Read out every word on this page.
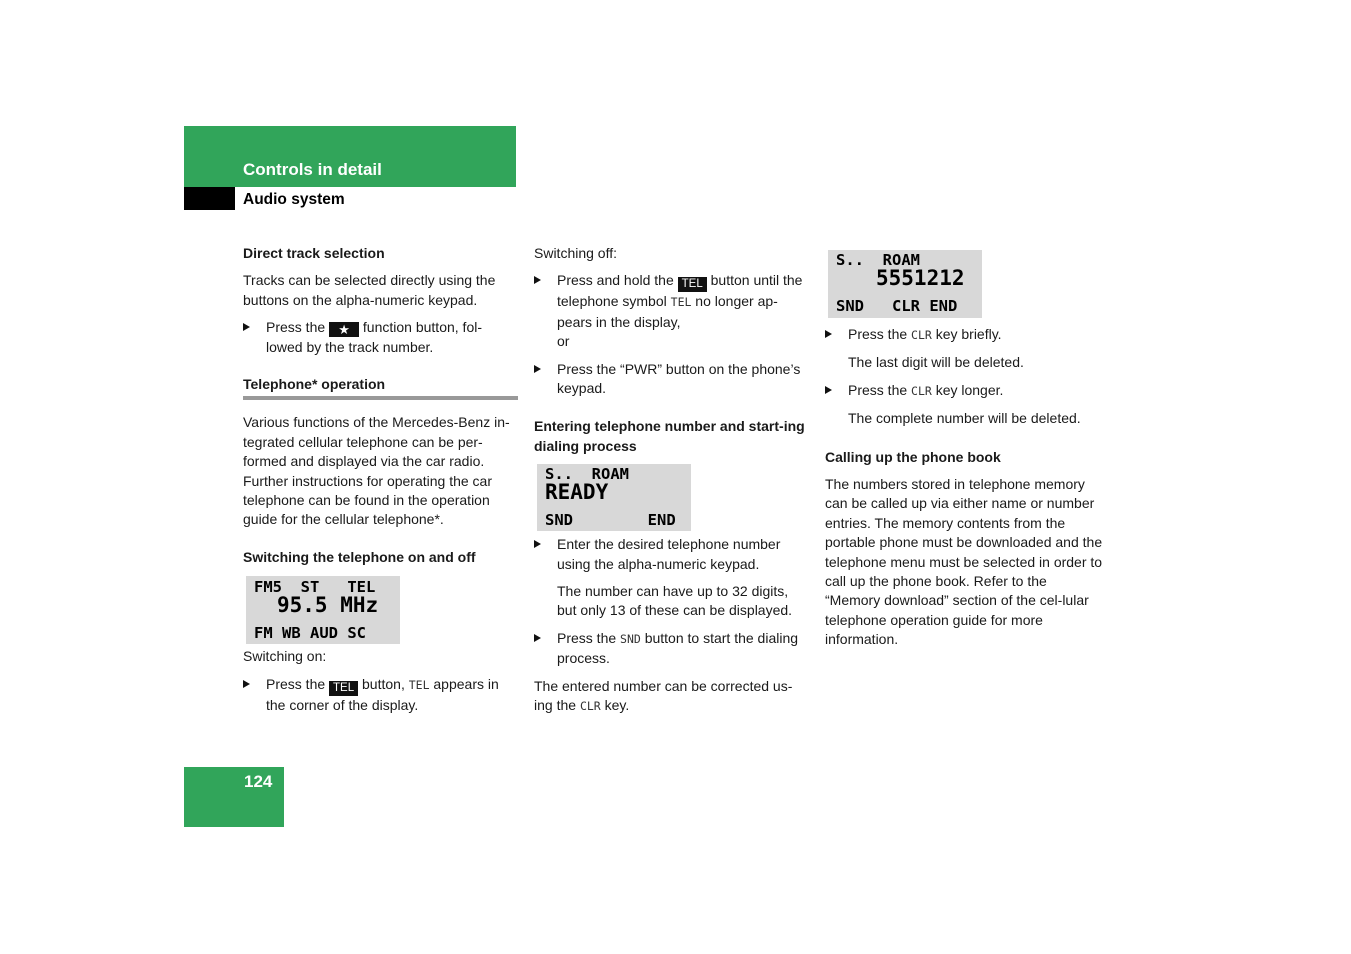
Controls in detail
Audio system

Direct track selection

Tracks can be selected directly using the buttons on the alpha-numeric keypad.

Press the ★ function button, fol-lowed by the track number.

Telephone* operation

Various functions of the Mercedes-Benz in-tegrated cellular telephone can be per-formed and displayed via the car radio. Further instructions for operating the car telephone can be found in the operation guide for the cellular telephone*.

Switching the telephone on and off

FM5  ST   TEL
95.5 MHz
FM WB AUD SC

Switching on:

Press the TEL button, TEL appears in the corner of the display.

Switching off:

Press and hold the TEL button until the telephone symbol TEL no longer ap-pears in the display,
or

Press the “PWR” button on the phone’s keypad.

Entering telephone number and start-ing dialing process

S..  ROAM
READY
SND        END

Enter the desired telephone number using the alpha-numeric keypad.

The number can have up to 32 digits, but only 13 of these can be displayed.

Press the SND button to start the dialing process.

The entered number can be corrected us-ing the CLR key.

S..  ROAM
5551212
SND   CLR END

Press the CLR key briefly.

The last digit will be deleted.

Press the CLR key longer.

The complete number will be deleted.

Calling up the phone book

The numbers stored in telephone memory can be called up via either name or number entries. The memory contents from the portable phone must be downloaded and the telephone menu must be selected in order to call up the phone book. Refer to the “Memory download” section of the cel-lular telephone operation guide for more information.

124
